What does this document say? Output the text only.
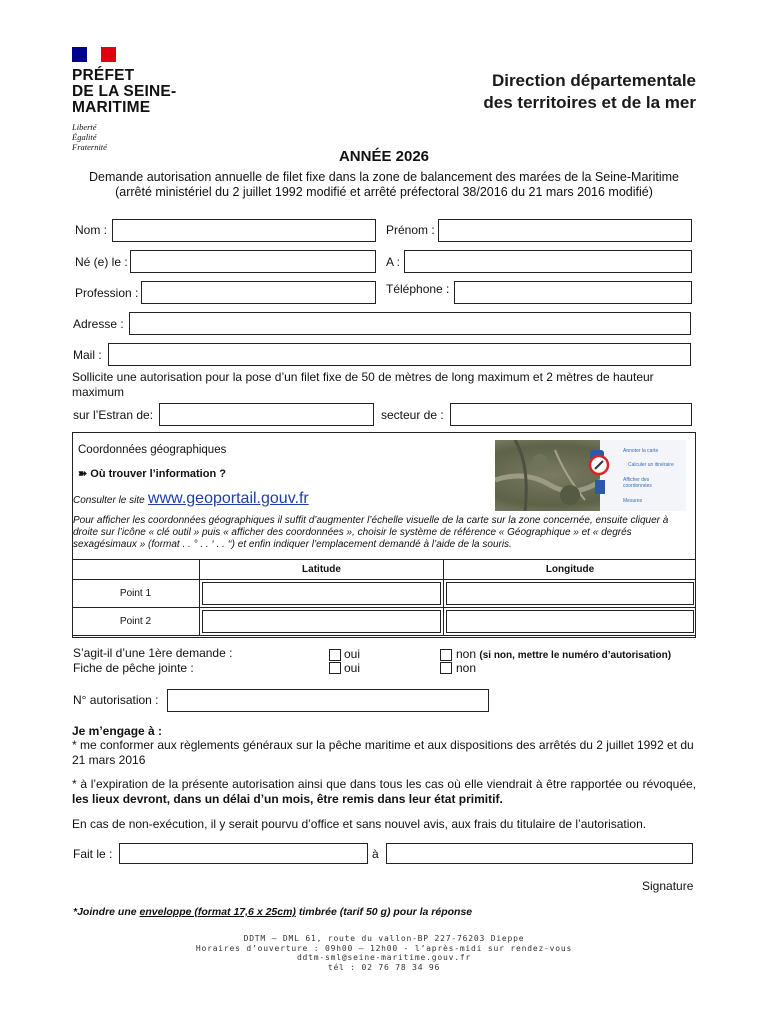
PRÉFET
DE LA SEINE-
MARITIME
Liberté
Égalité
Fraternité
Direction départementale
des territoires et de la mer
ANNÉE 2026
Demande autorisation annuelle de filet fixe dans la zone de balancement des marées de la Seine-Maritime (arrêté ministériel du 2 juillet 1992 modifié et arrêté préfectoral 38/2016 du 21 mars 2016 modifié)
Nom :	Prénom :
Né (e) le :	A :
Profession :	Téléphone :
Adresse :
Mail :
Sollicite une autorisation pour la pose d’un filet fixe de 50 de mètres de long maximum et 2 mètres de hauteur maximum
sur l’Estran de:	secteur de :
Coordonnées géographiques
➽ Où trouver l’information ?
Consulter le site www.geoportail.gouv.fr
Annoter la carte
Calculer un itinéraire
Afficher des coordonnées
Mesures
Pour afficher les coordonnées géographiques il suffit d’augmenter l’échelle visuelle de la carte sur la zone concernée, ensuite cliquer à droite sur l’icône « clé outil » puis « afficher des coordonnées », choisir le système de référence « Géographique » et « degrés sexagésimaux » (format . . ° . . ‘ . . ‘‘) et enfin indiquer l’emplacement demandé à l’aide de la souris.
	Latitude	Longitude
Point 1	

Point 2	

S’agit-il d’une 1ère demande :	oui	non (si non, mettre le numéro d’autorisation)
Fiche de pêche jointe :	oui	non
N° autorisation :
Je m’engage à :
* me conformer aux règlements généraux sur la pêche maritime et aux dispositions des arrêtés du 2 juillet 1992 et du 21 mars 2016
* à l’expiration de la présente autorisation ainsi que dans tous les cas où elle viendrait à être rapportée ou révoquée, les lieux devront, dans un délai d’un mois, être remis dans leur état primitif.
En cas de non-exécution, il y serait pourvu d’office et sans nouvel avis, aux frais du titulaire de l’autorisation.
Fait le :	à
Signature
*Joindre une enveloppe (format 17,6 x 25cm) timbrée (tarif 50 g) pour la réponse
DDTM – DML 61, route du vallon-BP 227-76203 Dieppe
Horaires d’ouverture : 09h00 – 12h00 - l’après-midi sur rendez-vous
ddtm-sml@seine-maritime.gouv.fr
tél : 02 76 78 34 96
